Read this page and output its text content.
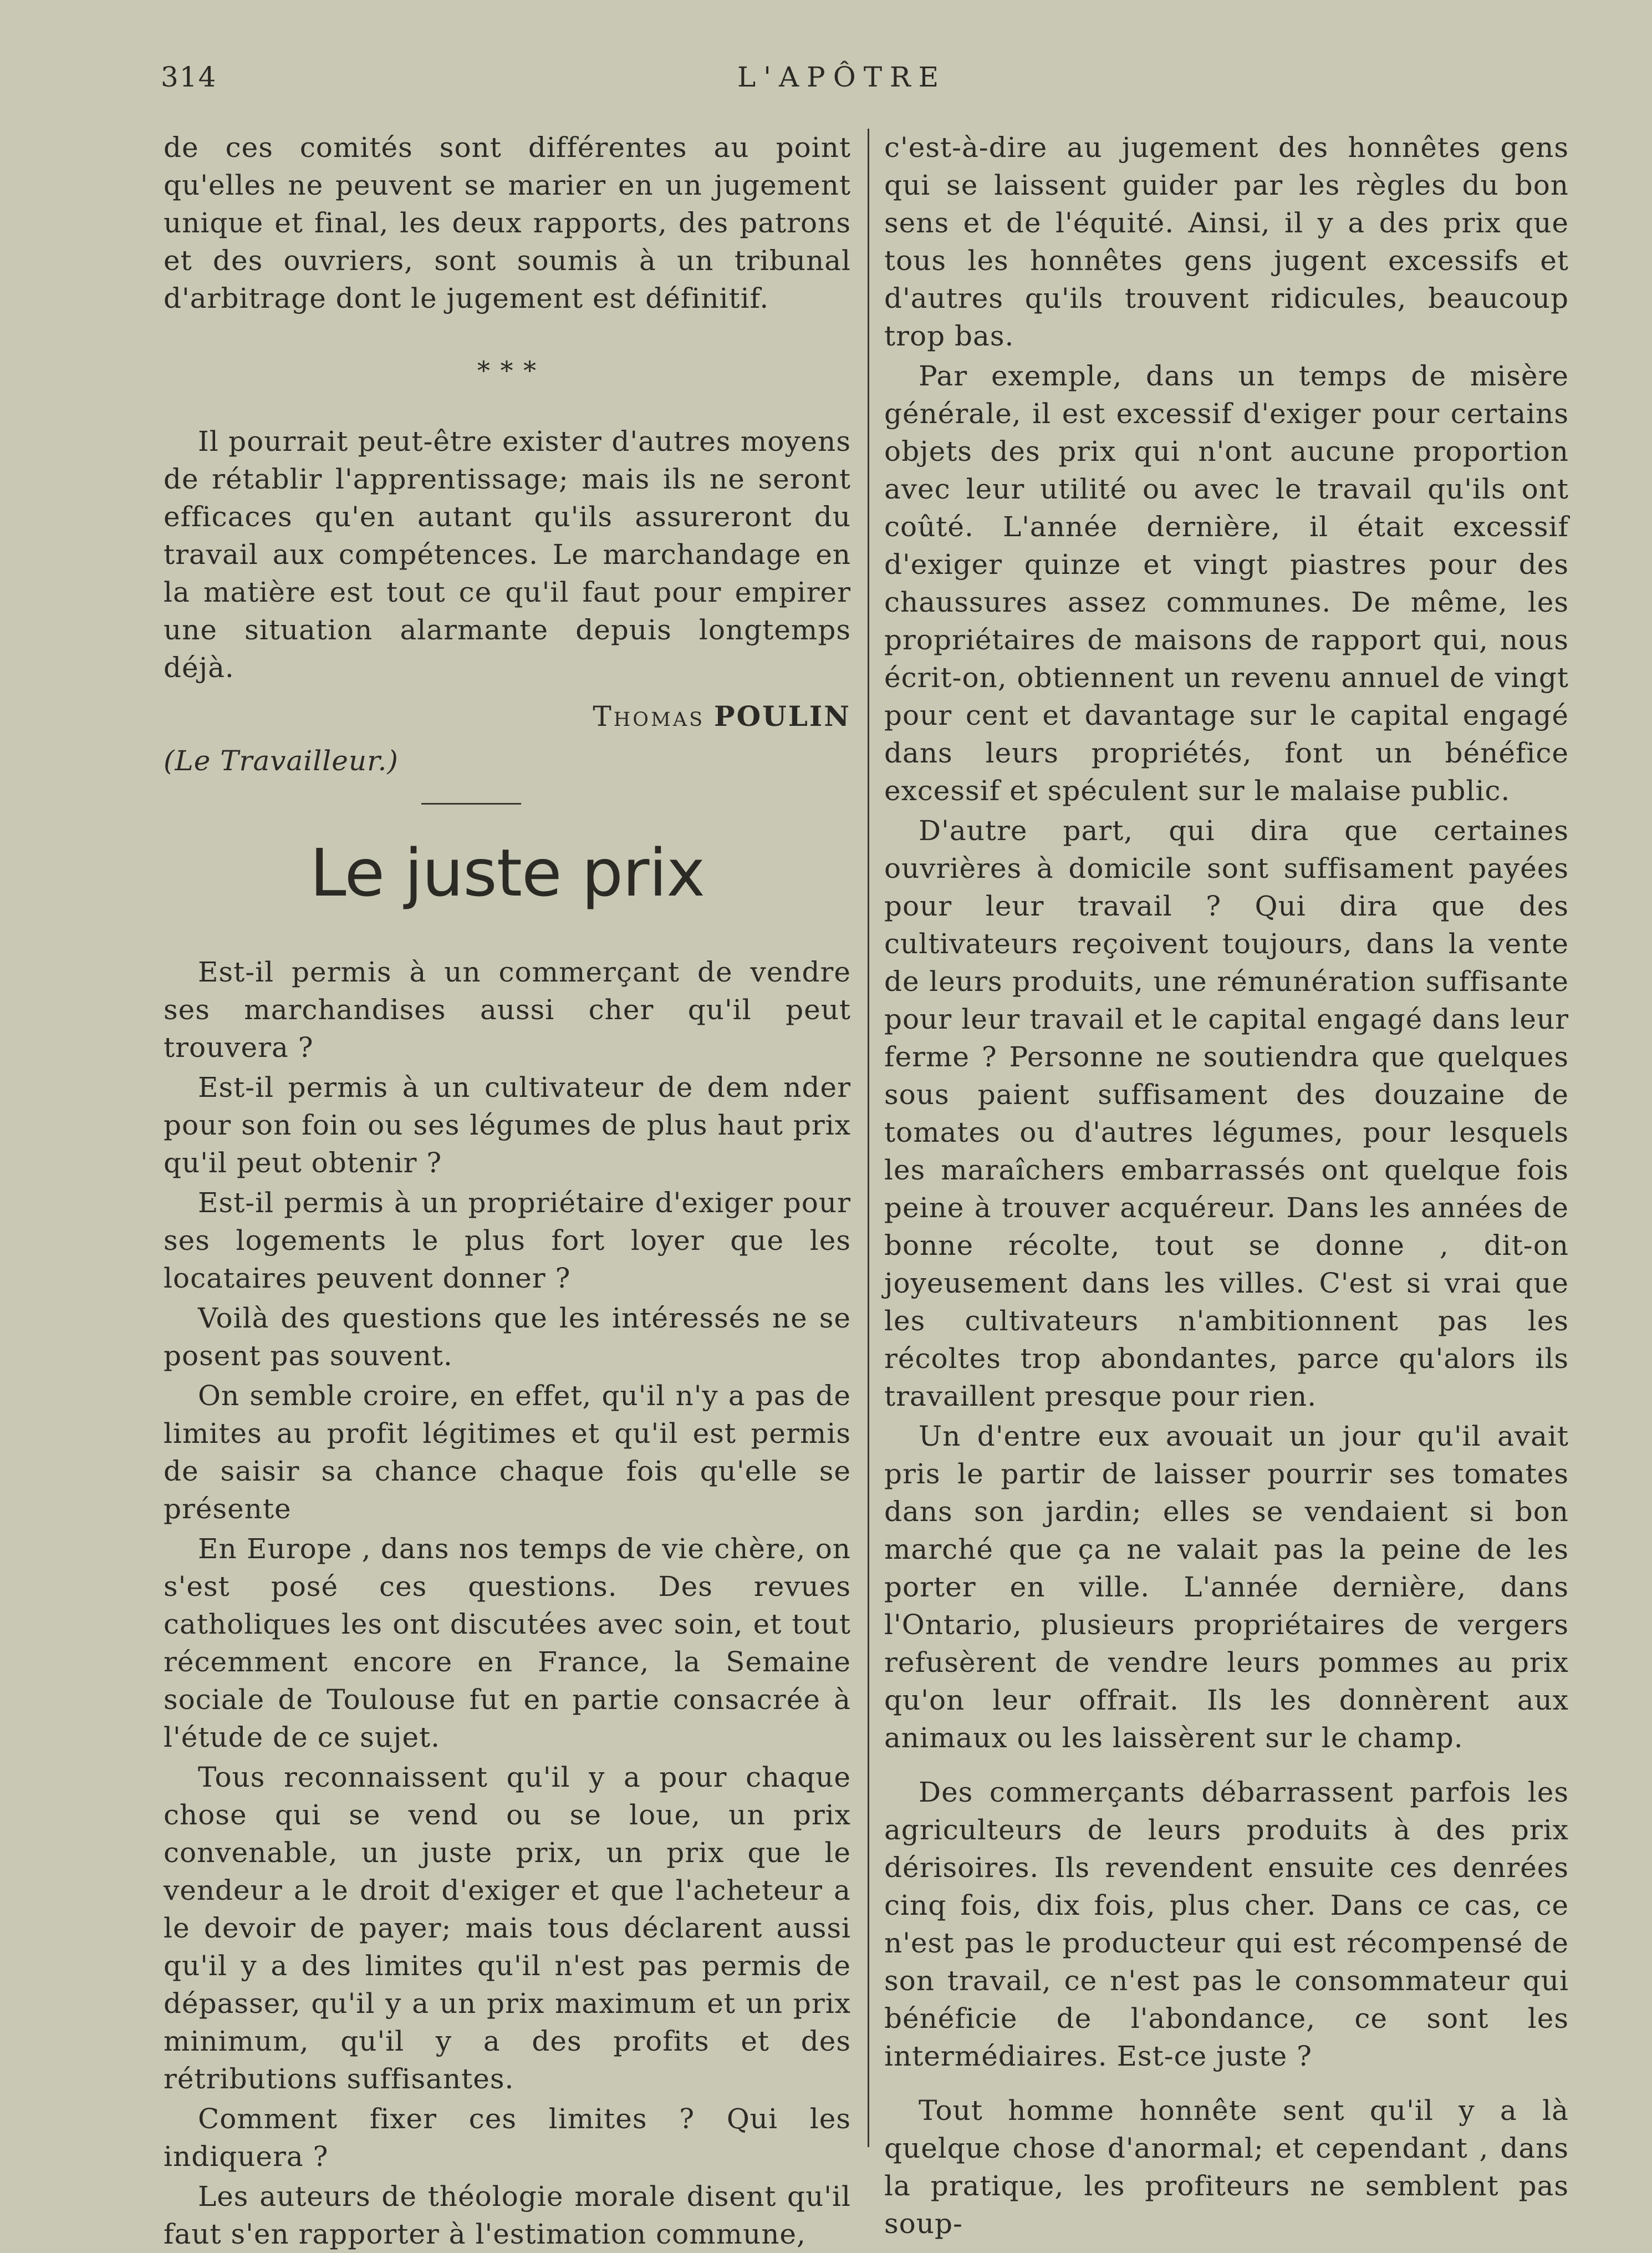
314	L'APÔTRE

de ces comités sont différentes au point qu'elles ne peuvent se marier en un jugement unique et final, les deux rapports, des patrons et des ouvriers, sont soumis à un tribunal d'arbitrage dont le jugement est définitif.

* * *

Il pourrait peut-être exister d'autres moyens de rétablir l'apprentissage; mais ils ne seront efficaces qu'en autant qu'ils assureront du travail aux compétences. Le marchandage en la matière est tout ce qu'il faut pour empirer une situation alarmante depuis longtemps déjà.

Thomas POULIN
(Le Travailleur.)
Le juste prix

Est-il permis à un commerçant de vendre ses marchandises aussi cher qu'il peut trouvera ?

Est-il permis à un cultivateur de dem nder pour son foin ou ses légumes de plus haut prix qu'il peut obtenir ?

Est-il permis à un propriétaire d'exiger pour ses logements le plus fort loyer que les locataires peuvent donner ?

Voilà des questions que les intéressés ne se posent pas souvent.

On semble croire, en effet, qu'il n'y a pas de limites au profit légitimes et qu'il est permis de saisir sa chance chaque fois qu'elle se présente

En Europe , dans nos temps de vie chère, on s'est posé ces questions. Des revues catholiques les ont discutées avec soin, et tout récemment encore en France, la Semaine sociale de Toulouse fut en partie consacrée à l'étude de ce sujet.

Tous reconnaissent qu'il y a pour chaque chose qui se vend ou se loue, un prix convenable, un juste prix, un prix que le vendeur a le droit d'exiger et que l'acheteur a le devoir de payer; mais tous déclarent aussi qu'il y a des limites qu'il n'est pas permis de dépasser, qu'il y a un prix maximum et un prix minimum, qu'il y a des profits et des rétributions suffisantes.

Comment fixer ces limites ? Qui les indiquera ?

Les auteurs de théologie morale disent qu'il faut s'en rapporter à l'estimation commune,

c'est-à-dire au jugement des honnêtes gens qui se laissent guider par les règles du bon sens et de l'équité. Ainsi, il y a des prix que tous les honnêtes gens jugent excessifs et d'autres qu'ils trouvent ridicules, beaucoup trop bas.

Par exemple, dans un temps de misère générale, il est excessif d'exiger pour certains objets des prix qui n'ont aucune proportion avec leur utilité ou avec le travail qu'ils ont coûté. L'année dernière, il était excessif d'exiger quinze et vingt piastres pour des chaussures assez communes. De même, les propriétaires de maisons de rapport qui, nous écrit-on, obtiennent un revenu annuel de vingt pour cent et davantage sur le capital engagé dans leurs propriétés, font un bénéfice excessif et spéculent sur le malaise public.

D'autre part, qui dira que certaines ouvrières à domicile sont suffisament payées pour leur travail ? Qui dira que des cultivateurs reçoivent toujours, dans la vente de leurs produits, une rémunération suffisante pour leur travail et le capital engagé dans leur ferme ? Personne ne soutiendra que quelques sous paient suffisament des douzaine de tomates ou d'autres légumes, pour lesquels les maraîchers embarrassés ont quelque fois peine à trouver acquéreur. Dans les années de bonne récolte, tout se donne , dit-on joyeusement dans les villes. C'est si vrai que les cultivateurs n'ambitionnent pas les récoltes trop abondantes, parce qu'alors ils travaillent presque pour rien.

Un d'entre eux avouait un jour qu'il avait pris le partir de laisser pourrir ses tomates dans son jardin; elles se vendaient si bon marché que ça ne valait pas la peine de les porter en ville. L'année dernière, dans l'Ontario, plusieurs propriétaires de vergers refusèrent de vendre leurs pommes au prix qu'on leur offrait. Ils les donnèrent aux animaux ou les laissèrent sur le champ.

Des commerçants débarrassent parfois les agriculteurs de leurs produits à des prix dérisoires. Ils revendent ensuite ces denrées cinq fois, dix fois, plus cher. Dans ce cas, ce n'est pas le producteur qui est récompensé de son travail, ce n'est pas le consommateur qui bénéficie de l'abondance, ce sont les intermédiaires. Est-ce juste ?

Tout homme honnête sent qu'il y a là quelque chose d'anormal; et cependant , dans la pratique, les profiteurs ne semblent pas soup-
